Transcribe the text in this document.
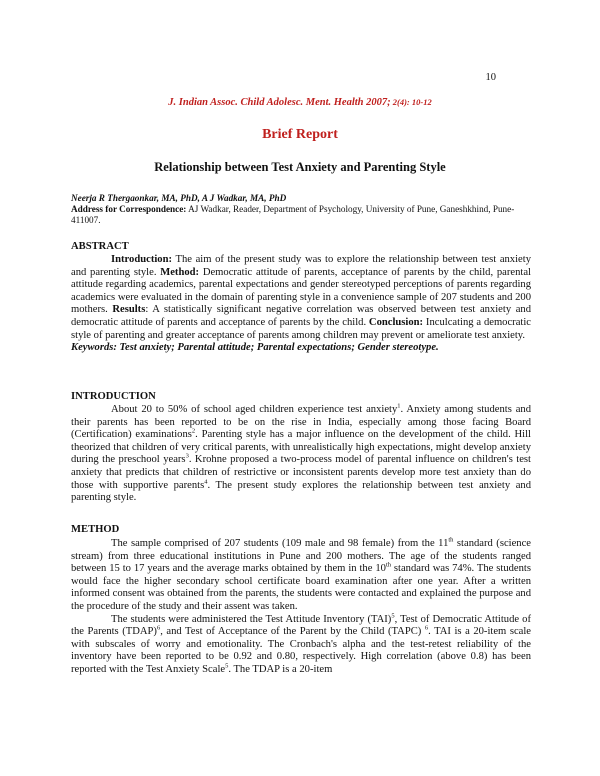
10
J. Indian Assoc. Child Adolesc. Ment. Health 2007; 2(4): 10-12
Brief Report
Relationship between Test Anxiety and Parenting Style
Neerja R Thergaonkar, MA, PhD, A J Wadkar, MA, PhD
Address for Correspondence: AJ Wadkar, Reader, Department of Psychology, University of Pune, Ganeshkhind, Pune-411007.
ABSTRACT

Introduction: The aim of the present study was to explore the relationship between test anxiety and parenting style. Method: Democratic attitude of parents, acceptance of parents by the child, parental attitude regarding academics, parental expectations and gender stereotyped perceptions of parents regarding academics were evaluated in the domain of parenting style in a convenience sample of 207 students and 200 mothers. Results: A statistically significant negative correlation was observed between test anxiety and democratic attitude of parents and acceptance of parents by the child. Conclusion: Inculcating a democratic style of parenting and greater acceptance of parents among children may prevent or ameliorate test anxiety.

Keywords: Test anxiety; Parental attitude; Parental expectations; Gender stereotype.

INTRODUCTION

About 20 to 50% of school aged children experience test anxiety$^1$. Anxiety among students and their parents has been reported to be on the rise in India, especially among those facing Board (Certification) examinations$^2$. Parenting style has a major influence on the development of the child. Hill theorized that children of very critical parents, with unrealistically high expectations, might develop anxiety during the preschool years$^3$. Krohne proposed a two-process model of parental influence on children's test anxiety that predicts that children of restrictive or inconsistent parents develop more test anxiety than do those with supportive parents$^4$. The present study explores the relationship between test anxiety and parenting style.

METHOD

The sample comprised of 207 students (109 male and 98 female) from the 11th standard (science stream) from three educational institutions in Pune and 200 mothers. The age of the students ranged between 15 to 17 years and the average marks obtained by them in the 10th standard was 74%. The students would face the higher secondary school certificate board examination after one year. After a written informed consent was obtained from the parents, the students were contacted and explained the purpose and the procedure of the study and their assent was taken.

The students were administered the Test Attitude Inventory (TAI)$^5$, Test of Democratic Attitude of the Parents (TDAP)$^6$, and Test of Acceptance of the Parent by the Child (TAPC) $^6$. TAI is a 20-item scale with subscales of worry and emotionality. The Cronbach's alpha and the test-retest reliability of the inventory have been reported to be 0.92 and 0.80, respectively. High correlation (above 0.8) has been reported with the Test Anxiety Scale$^5$. The TDAP is a 20-item
